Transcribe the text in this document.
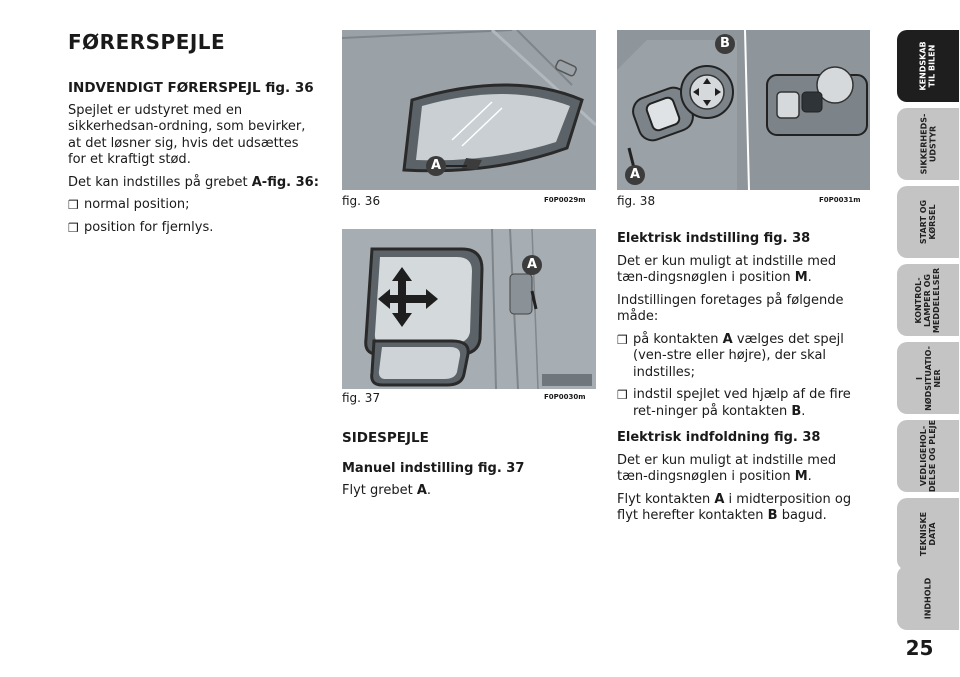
FØRERSPEJLE

INDVENDIGT FØRERSPEJL fig. 36

Spejlet er udstyret med en sikkerhedsan-ordning, som bevirker, at det løsner sig, hvis det udsættes for et kraftigt stød.

Det kan indstilles på grebet A-fig. 36:

❒ normal position;
❒ position for fjernlys.
A
fig. 36	F0P0029m
A
fig. 37	F0P0030m
B
A
fig. 38	F0P0031m

SIDESPEJLE

Manuel indstilling fig. 37

Flyt grebet A.

Elektrisk indstilling fig. 38

Det er kun muligt at indstille med tæn-dingsnøglen i position M.

Indstillingen foretages på følgende måde:

❒ på kontakten A vælges det spejl (ven-stre eller højre), der skal indstilles;
❒ indstil spejlet ved hjælp af de fire ret-ninger på kontakten B.

Elektrisk indfoldning fig. 38

Det er kun muligt at indstille med tæn-dingsnøglen i position M.

Flyt kontakten A i midterposition og flyt herefter kontakten B bagud.

KENDSKAB
TIL BILEN
SIKKERHEDS-
UDSTYR
START OG
KØRSEL
KONTROL-
LAMPER OG
MEDDELELSER
I
NØDSITUATIO-
NER
VEDLIGEHOL-
DELSE OG PLEJE
TEKNISKE
DATA
INDHOLD
25
